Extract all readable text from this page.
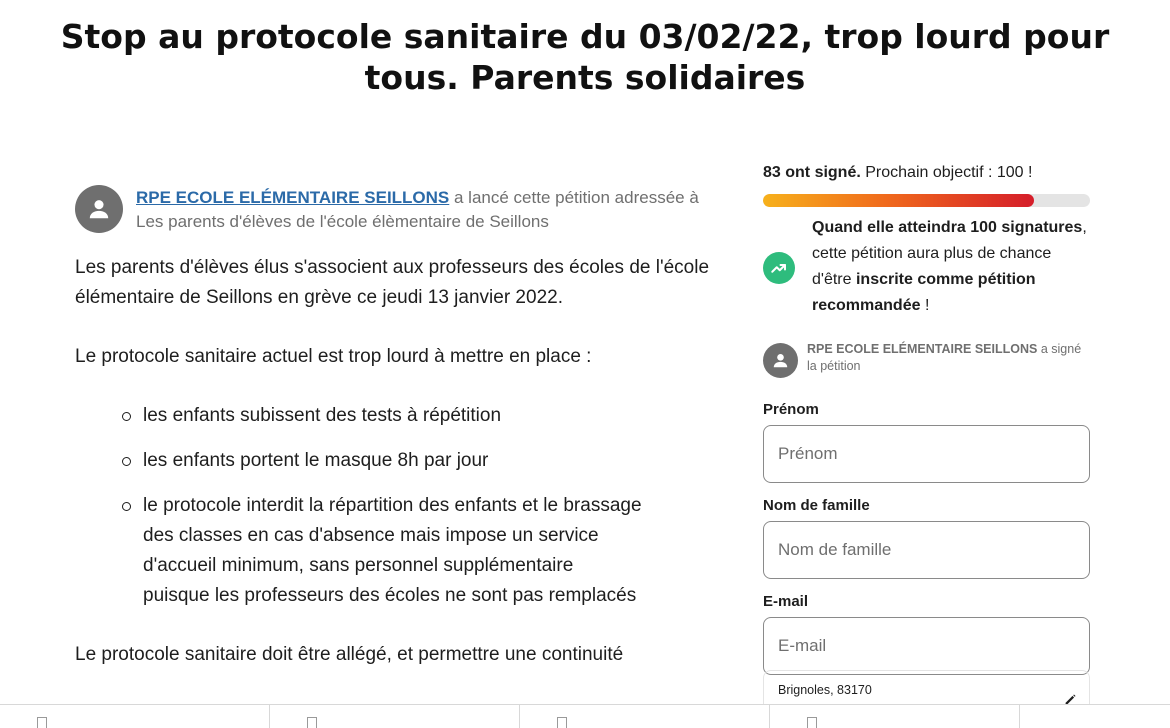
Stop au protocole sanitaire du 03/02/22, trop lourd pour tous. Parents solidaires
RPE ECOLE ELÉMENTAIRE SEILLONS a lancé cette pétition adressée à Les parents d'élèves de l'école élèmentaire de Seillons

Les parents d'élèves élus s'associent aux professeurs des écoles de l'école élémentaire de Seillons en grève ce jeudi 13 janvier 2022.

Le protocole sanitaire actuel est trop lourd à mettre en place :

les enfants subissent des tests à répétition
les enfants portent le masque 8h par jour
le protocole interdit la répartition des enfants et le brassage des classes en cas d'absence mais impose un service d'accueil minimum, sans personnel supplémentaire puisque les professeurs des écoles ne sont pas remplacés

Le protocole sanitaire doit être allégé, et permettre une continuité

83 ont signé. Prochain objectif : 100 !
Quand elle atteindra 100 signatures, cette pétition aura plus de chance d'être inscrite comme pétition recommandée !
RPE ECOLE ELÉMENTAIRE SEILLONS a signé la pétition
Prénom Prénom
Nom de famille Nom de famille
E-mail E-mail
Brignoles, 83170
